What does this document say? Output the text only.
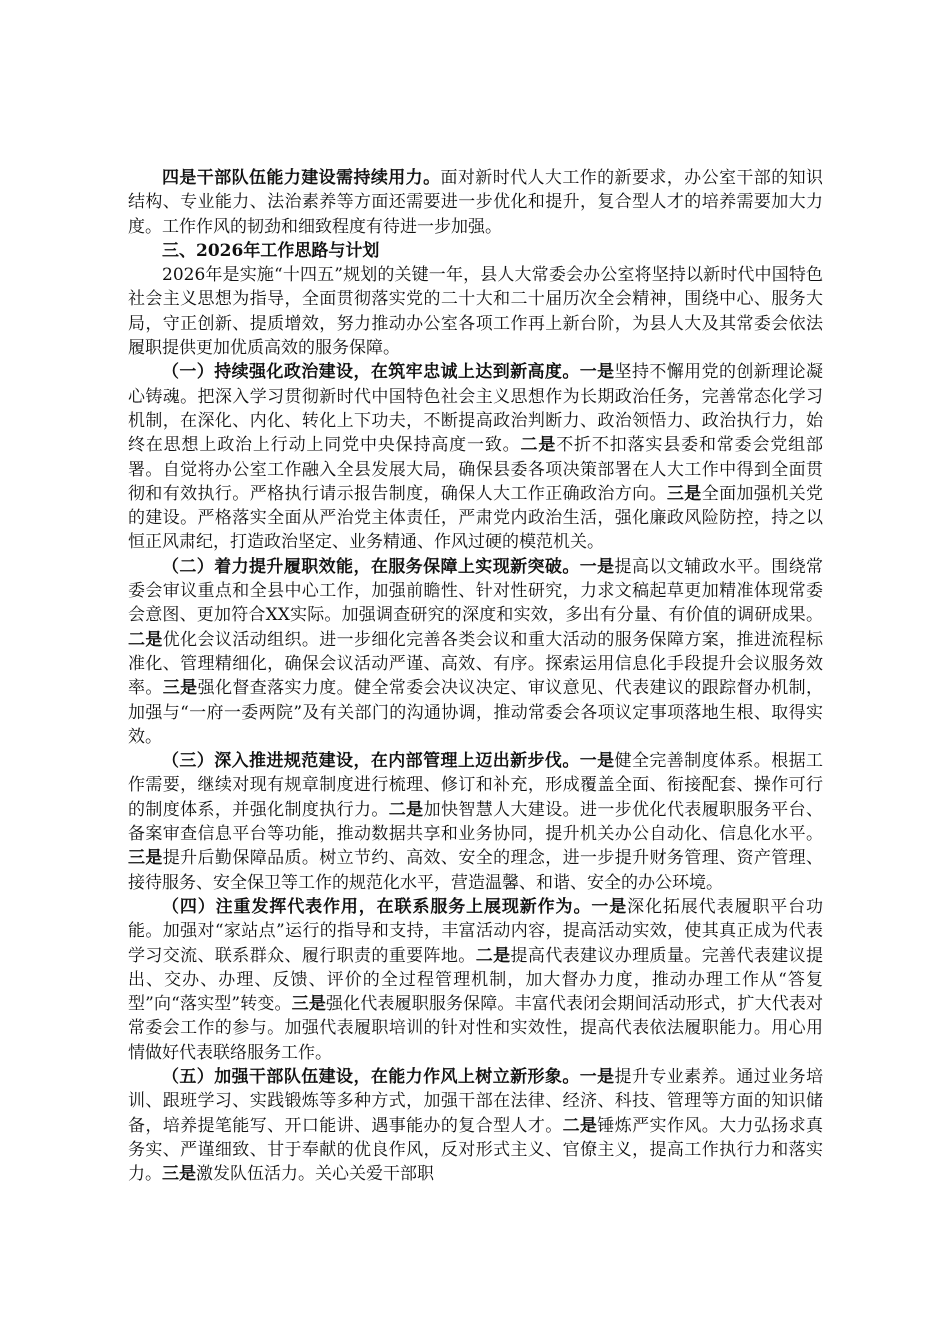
四是干部队伍能力建设需持续用力。面对新时代人大工作的新要求，办公室干部的知识结构、专业能力、法治素养等方面还需要进一步优化和提升，复合型人才的培养需要加大力度。工作作风的韧劲和细致程度有待进一步加强。

三、2026年工作思路与计划

2026年是实施“十四五”规划的关键一年，县人大常委会办公室将坚持以新时代中国特色社会主义思想为指导，全面贯彻落实党的二十大和二十届历次全会精神，围绕中心、服务大局，守正创新、提质增效，努力推动办公室各项工作再上新台阶，为县人大及其常委会依法履职提供更加优质高效的服务保障。

（一）持续强化政治建设，在筑牢忠诚上达到新高度。一是坚持不懈用党的创新理论凝心铸魂。把深入学习贯彻新时代中国特色社会主义思想作为长期政治任务，完善常态化学习机制，在深化、内化、转化上下功夫，不断提高政治判断力、政治领悟力、政治执行力，始终在思想上政治上行动上同党中央保持高度一致。二是不折不扣落实县委和常委会党组部署。自觉将办公室工作融入全县发展大局，确保县委各项决策部署在人大工作中得到全面贯彻和有效执行。严格执行请示报告制度，确保人大工作正确政治方向。三是全面加强机关党的建设。严格落实全面从严治党主体责任，严肃党内政治生活，强化廉政风险防控，持之以恒正风肃纪，打造政治坚定、业务精通、作风过硬的模范机关。

（二）着力提升履职效能，在服务保障上实现新突破。一是提高以文辅政水平。围绕常委会审议重点和全县中心工作，加强前瞻性、针对性研究，力求文稿起草更加精准体现常委会意图、更加符合XX实际。加强调查研究的深度和实效，多出有分量、有价值的调研成果。二是优化会议活动组织。进一步细化完善各类会议和重大活动的服务保障方案，推进流程标准化、管理精细化，确保会议活动严谨、高效、有序。探索运用信息化手段提升会议服务效率。三是强化督查落实力度。健全常委会决议决定、审议意见、代表建议的跟踪督办机制，加强与“一府一委两院”及有关部门的沟通协调，推动常委会各项议定事项落地生根、取得实效。

（三）深入推进规范建设，在内部管理上迈出新步伐。一是健全完善制度体系。根据工作需要，继续对现有规章制度进行梳理、修订和补充，形成覆盖全面、衔接配套、操作可行的制度体系，并强化制度执行力。二是加快智慧人大建设。进一步优化代表履职服务平台、备案审查信息平台等功能，推动数据共享和业务协同，提升机关办公自动化、信息化水平。三是提升后勤保障品质。树立节约、高效、安全的理念，进一步提升财务管理、资产管理、接待服务、安全保卫等工作的规范化水平，营造温馨、和谐、安全的办公环境。

（四）注重发挥代表作用，在联系服务上展现新作为。一是深化拓展代表履职平台功能。加强对“家站点”运行的指导和支持，丰富活动内容，提高活动实效，使其真正成为代表学习交流、联系群众、履行职责的重要阵地。二是提高代表建议办理质量。完善代表建议提出、交办、办理、反馈、评价的全过程管理机制，加大督办力度，推动办理工作从“答复型”向“落实型”转变。三是强化代表履职服务保障。丰富代表闭会期间活动形式，扩大代表对常委会工作的参与。加强代表履职培训的针对性和实效性，提高代表依法履职能力。用心用情做好代表联络服务工作。

（五）加强干部队伍建设，在能力作风上树立新形象。一是提升专业素养。通过业务培训、跟班学习、实践锻炼等多种方式，加强干部在法律、经济、科技、管理等方面的知识储备，培养提笔能写、开口能讲、遇事能办的复合型人才。二是锤炼严实作风。大力弘扬求真务实、严谨细致、甘于奉献的优良作风，反对形式主义、官僚主义，提高工作执行力和落实力。三是激发队伍活力。关心关爱干部职
